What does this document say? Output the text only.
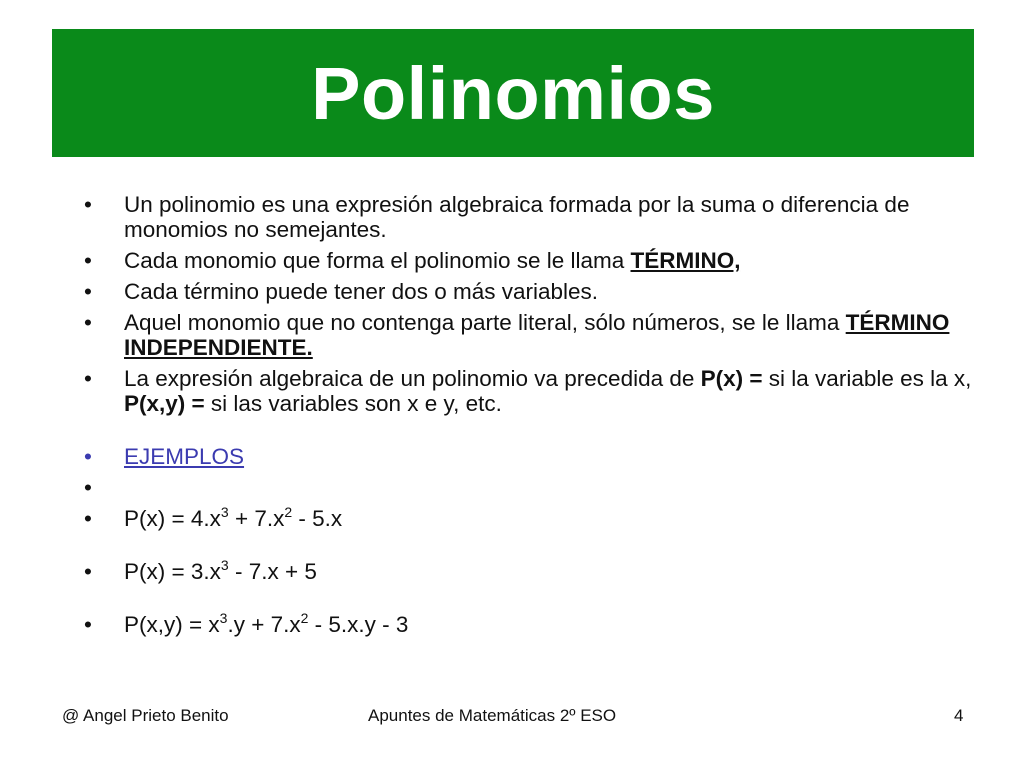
Polinomios
• Un polinomio es una expresión algebraica formada por la suma o diferencia de monomios no semejantes.
• Cada monomio que forma el polinomio se le llama TÉRMINO,
• Cada término puede tener dos o más variables.
• Aquel monomio que no contenga parte literal, sólo números, se le llama TÉRMINO INDEPENDIENTE.
• La expresión algebraica de un polinomio va precedida de P(x) = si la variable es la x, P(x,y) = si las variables son x e y, etc.
• EJEMPLOS
•

• $P(x) = 4.x^3 + 7.x^2 - 5.x$
• $P(x) = 3.x^3 - 7.x + 5$
• $P(x,y) = x^3.y + 7.x^2 - 5.x.y - 3$
@ Angel Prieto Benito	Apuntes de Matemáticas 2º ESO	4
